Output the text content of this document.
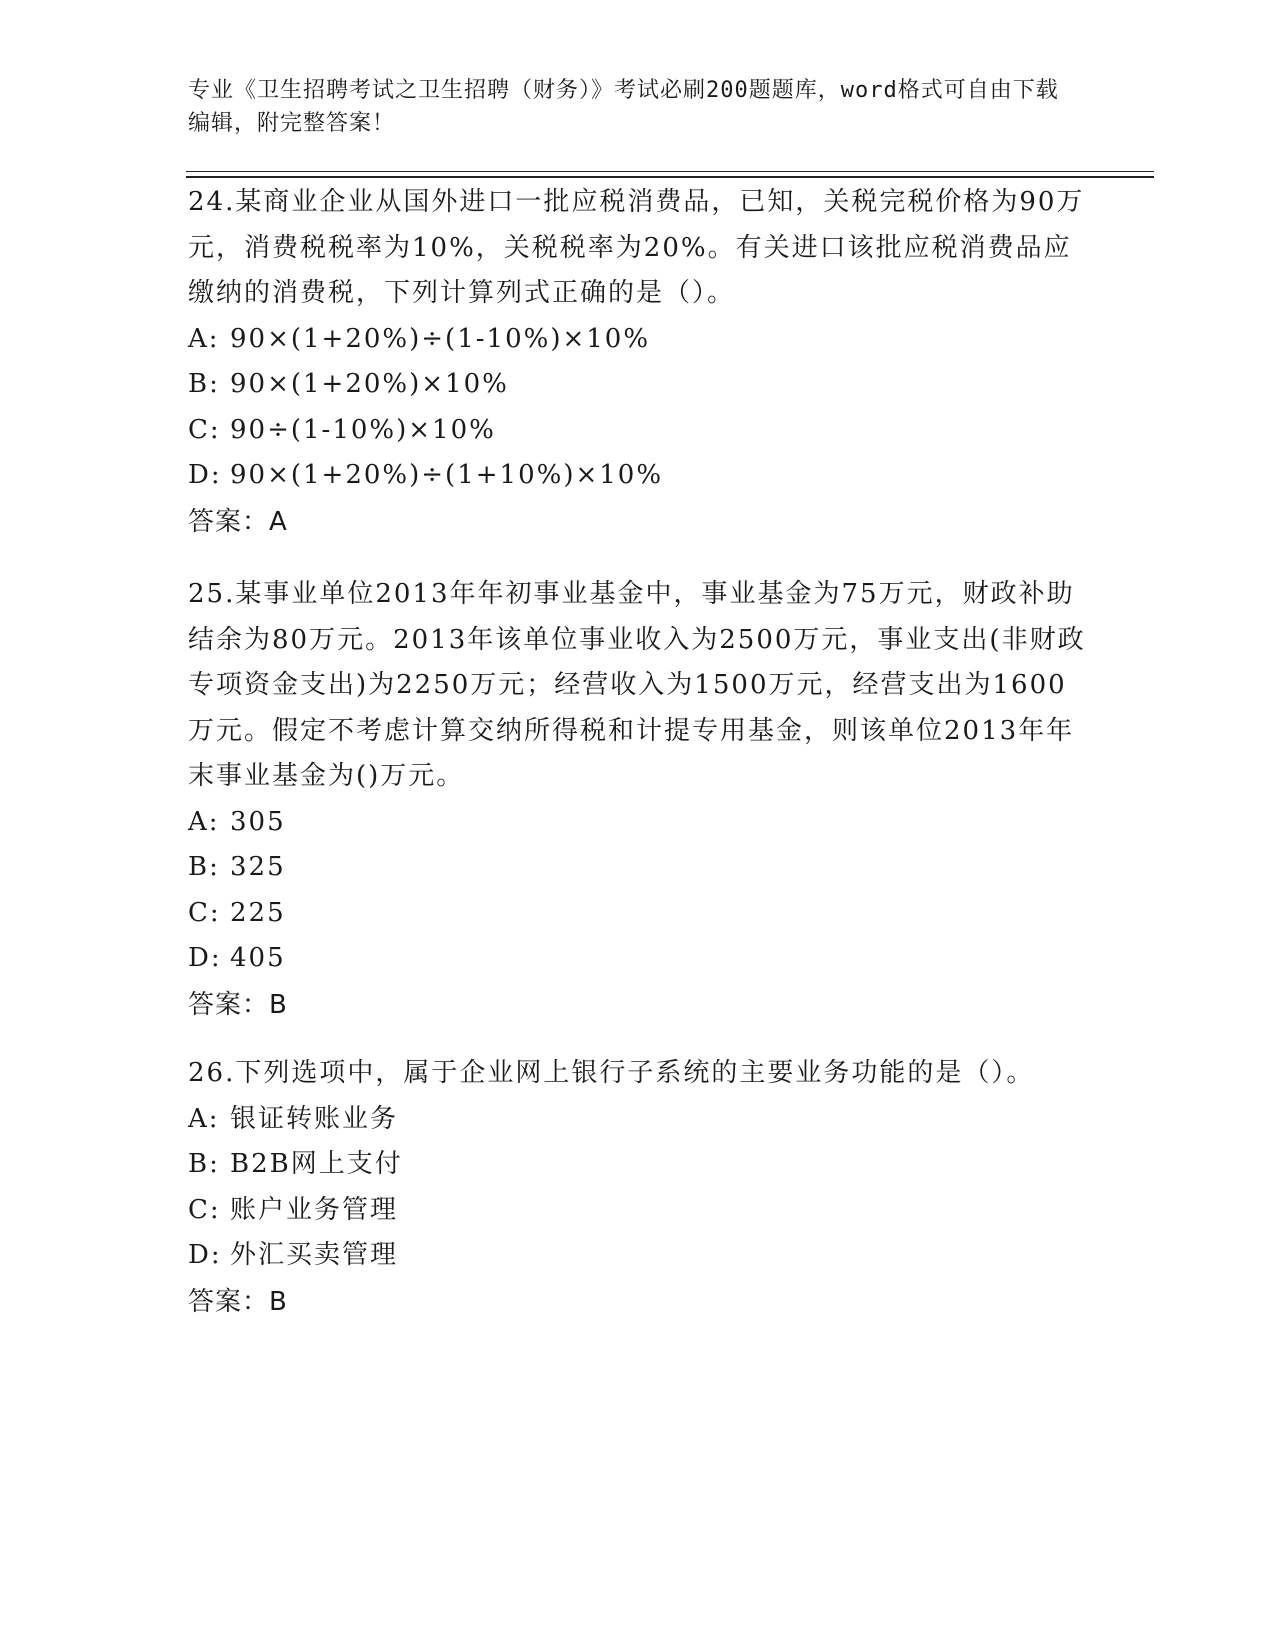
专业《卫生招聘考试之卫生招聘（财务）》考试必刷200题题库，word格式可自由下载编辑，附完整答案！

24.某商业企业从国外进口一批应税消费品，已知，关税完税价格为90万元，消费税税率为10%，关税税率为20%。有关进口该批应税消费品应缴纳的消费税，下列计算列式正确的是（）。

A: 90×(1+20%)÷(1-10%)×10%

B: 90×(1+20%)×10%

C: 90÷(1-10%)×10%

D: 90×(1+20%)÷(1+10%)×10%

答案：A

25.某事业单位2013年年初事业基金中，事业基金为75万元，财政补助结余为80万元。2013年该单位事业收入为2500万元，事业支出(非财政专项资金支出)为2250万元；经营收入为1500万元，经营支出为1600万元。假定不考虑计算交纳所得税和计提专用基金，则该单位2013年年末事业基金为()万元。

A: 305

B: 325

C: 225

D: 405

答案：B

26.下列选项中，属于企业网上银行子系统的主要业务功能的是（）。

A: 银证转账业务

B: B2B网上支付

C: 账户业务管理

D: 外汇买卖管理

答案：B
